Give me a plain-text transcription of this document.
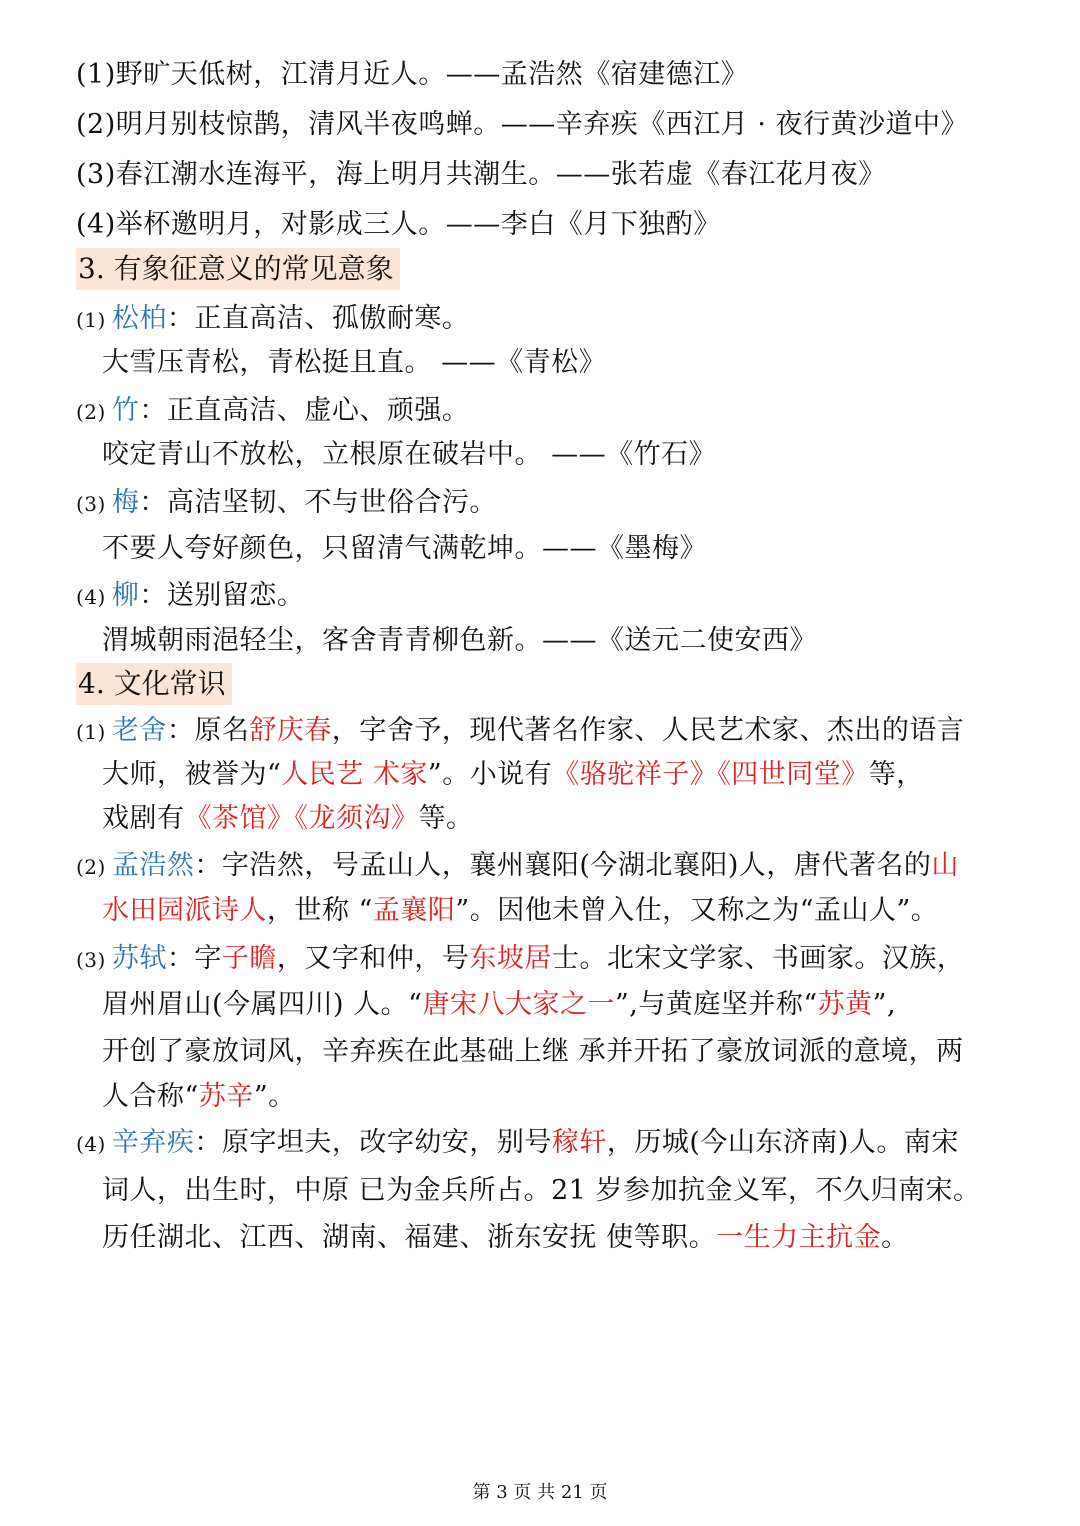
(1)野旷天低树，江清月近人。——孟浩然《宿建德江》
(2)明月别枝惊鹊，清风半夜鸣蝉。——辛弃疾《西江月 · 夜行黄沙道中》
(3)春江潮水连海平，海上明月共潮生。——张若虚《春江花月夜》
(4)举杯邀明月，对影成三人。——李白《月下独酌》
3. 有象征意义的常见意象
(1) 松柏：正直高洁、孤傲耐寒。
大雪压青松，青松挺且直。 ——《青松》
(2) 竹：正直高洁、虚心、顽强。
咬定青山不放松，立根原在破岩中。 ——《竹石》
(3) 梅：高洁坚韧、不与世俗合污。
不要人夸好颜色，只留清气满乾坤。——《墨梅》
(4) 柳：送别留恋。
渭城朝雨浥轻尘，客舍青青柳色新。——《送元二使安西》
4. 文化常识
(1) 老舍：原名舒庆春，字舍予，现代著名作家、人民艺术家、杰出的语言
大师，被誉为“人民艺 术家”。小说有《骆驼祥子》《四世同堂》等，
戏剧有《茶馆》《龙须沟》等。
(2) 孟浩然：字浩然，号孟山人，襄州襄阳(今湖北襄阳)人，唐代著名的山
水田园派诗人，世称 “孟襄阳”。因他未曾入仕，又称之为“孟山人”。
(3) 苏轼：字子瞻，又字和仲，号东坡居士。北宋文学家、书画家。汉族，
眉州眉山(今属四川) 人。“唐宋八大家之一”,与黄庭坚并称“苏黄”,
开创了豪放词风，辛弃疾在此基础上继 承并开拓了豪放词派的意境，两
人合称“苏辛”。
(4) 辛弃疾：原字坦夫，改字幼安，别号稼轩，历城(今山东济南)人。南宋
词人，出生时，中原 已为金兵所占。21 岁参加抗金义军，不久归南宋。
历任湖北、江西、湖南、福建、浙东安抚 使等职。一生力主抗金。
第 3 页 共 21 页
